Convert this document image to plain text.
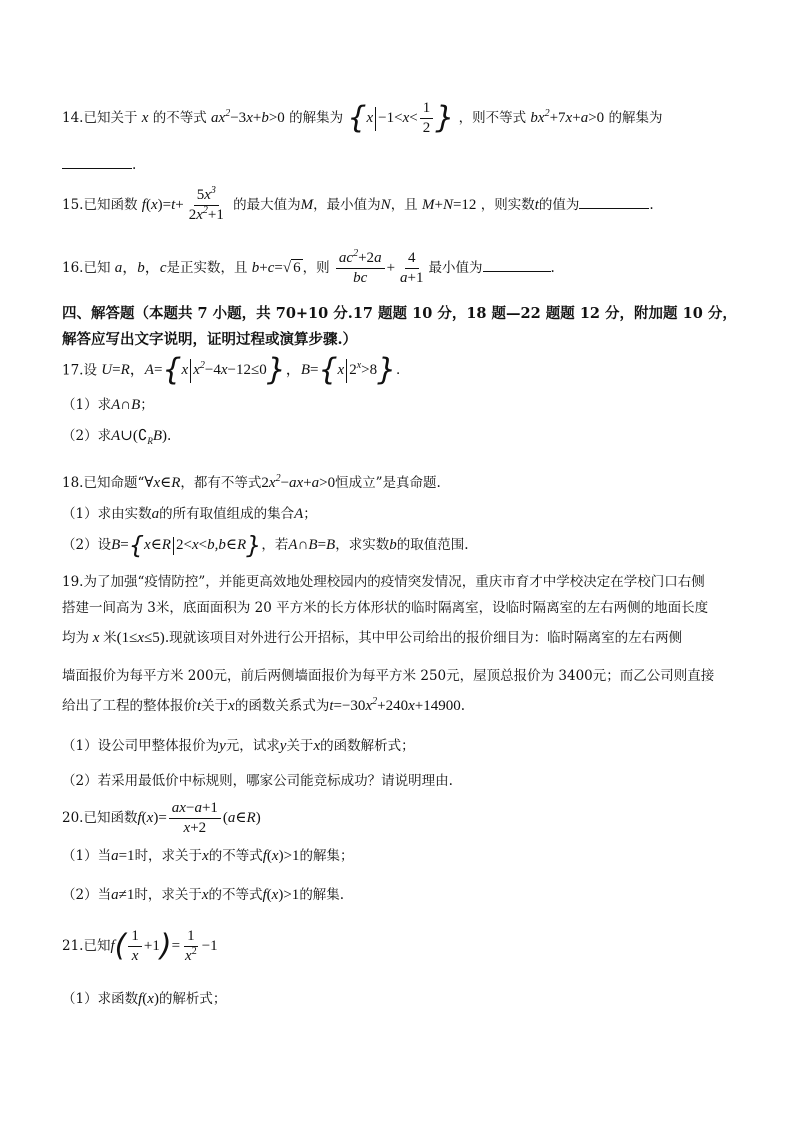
14.已知关于 x 的不等式 $ax^2-3x+b>0$ 的解集为 {$x -1<x< \frac{1}{2}$ } ，则不等式 $bx^2+7x+a>0$ 的解集为
.
15.已知函数 $f(x)=t+ \frac{5x^3}{2x^2+1}$ 的最大值为M，最小值为N，且 M+N=12 ，则实数t的值为	.
16.已知 a，b，c是正实数，且 b+c=√ 6 ，则 $\frac{ac^2+2a}{bc} + \frac{4}{a+1}$ 最小值为	.
四、解答题（本题共 7 小题，共 70+10 分.17 题题 10 分，18 题—22 题题 12 分，附加题 10 分，
解答应写出文字说明，证明过程或演算步骤.）
17.设 U=R，A={x $x^2-4x-12\le 0$}，B={x $2^x>8$}.
（1）求A∩B；
（2）求$A\cup(∁_RB)$.
18.已知命题“∀x∈R，都有不等式$2x^2-ax+a>0$恒成立”是真命题.
（1）求由实数a的所有取值组成的集合A；
（2）设B={x∈R 2<x<b,b∈R}，若A∩B=B，求实数b的取值范围.
19.为了加强“疫情防控”，并能更高效地处理校园内的疫情突发情况，重庆市育才中学校决定在学校门口右侧
搭建一间高为 3米，底面面积为 20 平方米的长方体形状的临时隔离室，设临时隔离室的左右两侧的地面长度
均为 x 米(1≤x≤5).现就该项目对外进行公开招标，其中甲公司给出的报价细目为：临时隔离室的左右两侧
墙面报价为每平方米 200元，前后两侧墙面报价为每平方米 250元，屋顶总报价为 3400元；而乙公司则直接
给出了工程的整体报价t关于x的函数关系式为$t=-30x^2+240x+14900$.
（1）设公司甲整体报价为y元，试求y关于x的函数解析式；
（2）若采用最低价中标规则，哪家公司能竞标成功？请说明理由.
20.已知函数$f(x)= \frac{ax-a+1}{x+2}$ (a∈R)
（1）当a=1时，求关于x的不等式f(x)>1的解集；
（2）当a≠1时，求关于x的不等式f(x)>1的解集.
21.已知$f( \frac{1}{x} +1)= \frac{1}{x^2} -1$
（1）求函数f(x)的解析式；
